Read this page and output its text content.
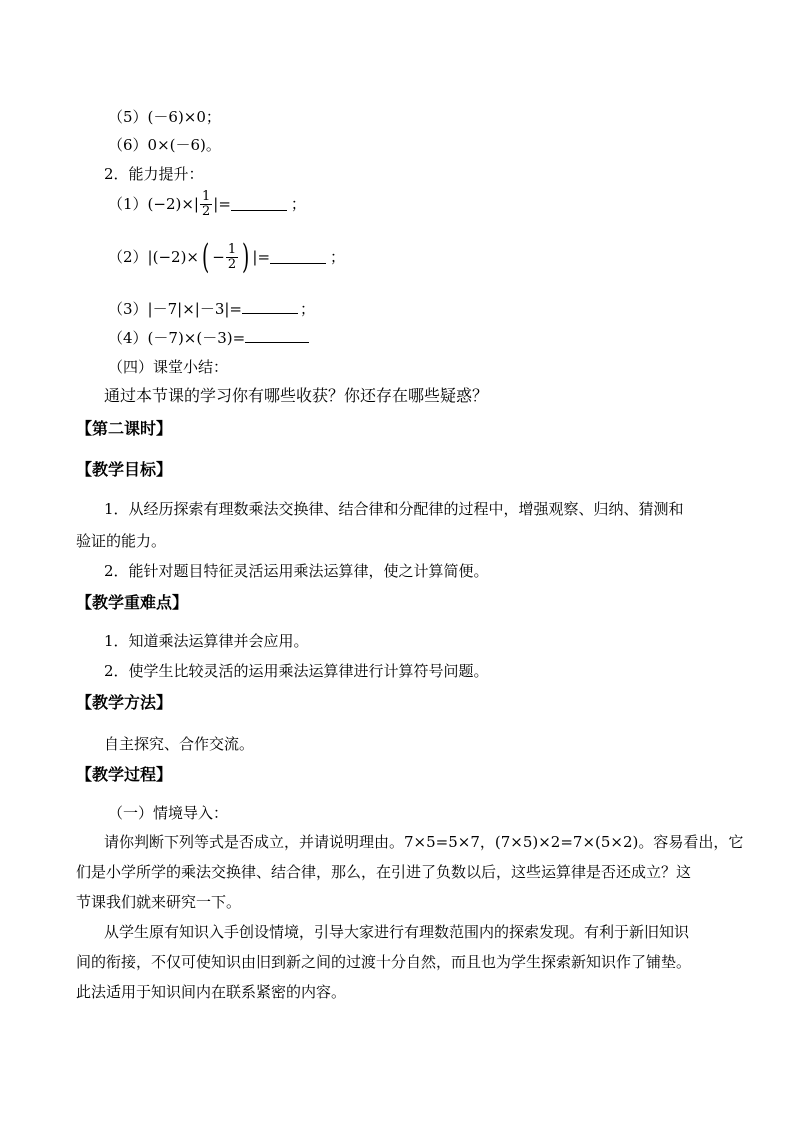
（5）(－6)×0；
（6）0×(－6)。
2．能力提升：
（1） $(-2)\times| \frac{1}{2}$ |=	；
（2） | (−2)× ( − $\frac{1}{2}$ ) |=	；
（3）|－7|×|－3|=	；
（4）(－7)×(－3)=
（四）课堂小结：
通过本节课的学习你有哪些收获？你还存在哪些疑惑？
【第二课时】
【教学目标】
1．从经历探索有理数乘法交换律、结合律和分配律的过程中，增强观察、归纳、猜测和
验证的能力。
2．能针对题目特征灵活运用乘法运算律，使之计算简便。
【教学重难点】
1．知道乘法运算律并会应用。
2．使学生比较灵活的运用乘法运算律进行计算符号问题。
【教学方法】
自主探究、合作交流。
【教学过程】
（一）情境导入：
请你判断下列等式是否成立，并请说明理由。7×5=5×7，(7×5)×2=7×(5×2)。容易看出，它
们是小学所学的乘法交换律、结合律，那么，在引进了负数以后，这些运算律是否还成立？这
节课我们就来研究一下。
从学生原有知识入手创设情境，引导大家进行有理数范围内的探索发现。有利于新旧知识
间的衔接，不仅可使知识由旧到新之间的过渡十分自然，而且也为学生探索新知识作了铺垫。
此法适用于知识间内在联系紧密的内容。
